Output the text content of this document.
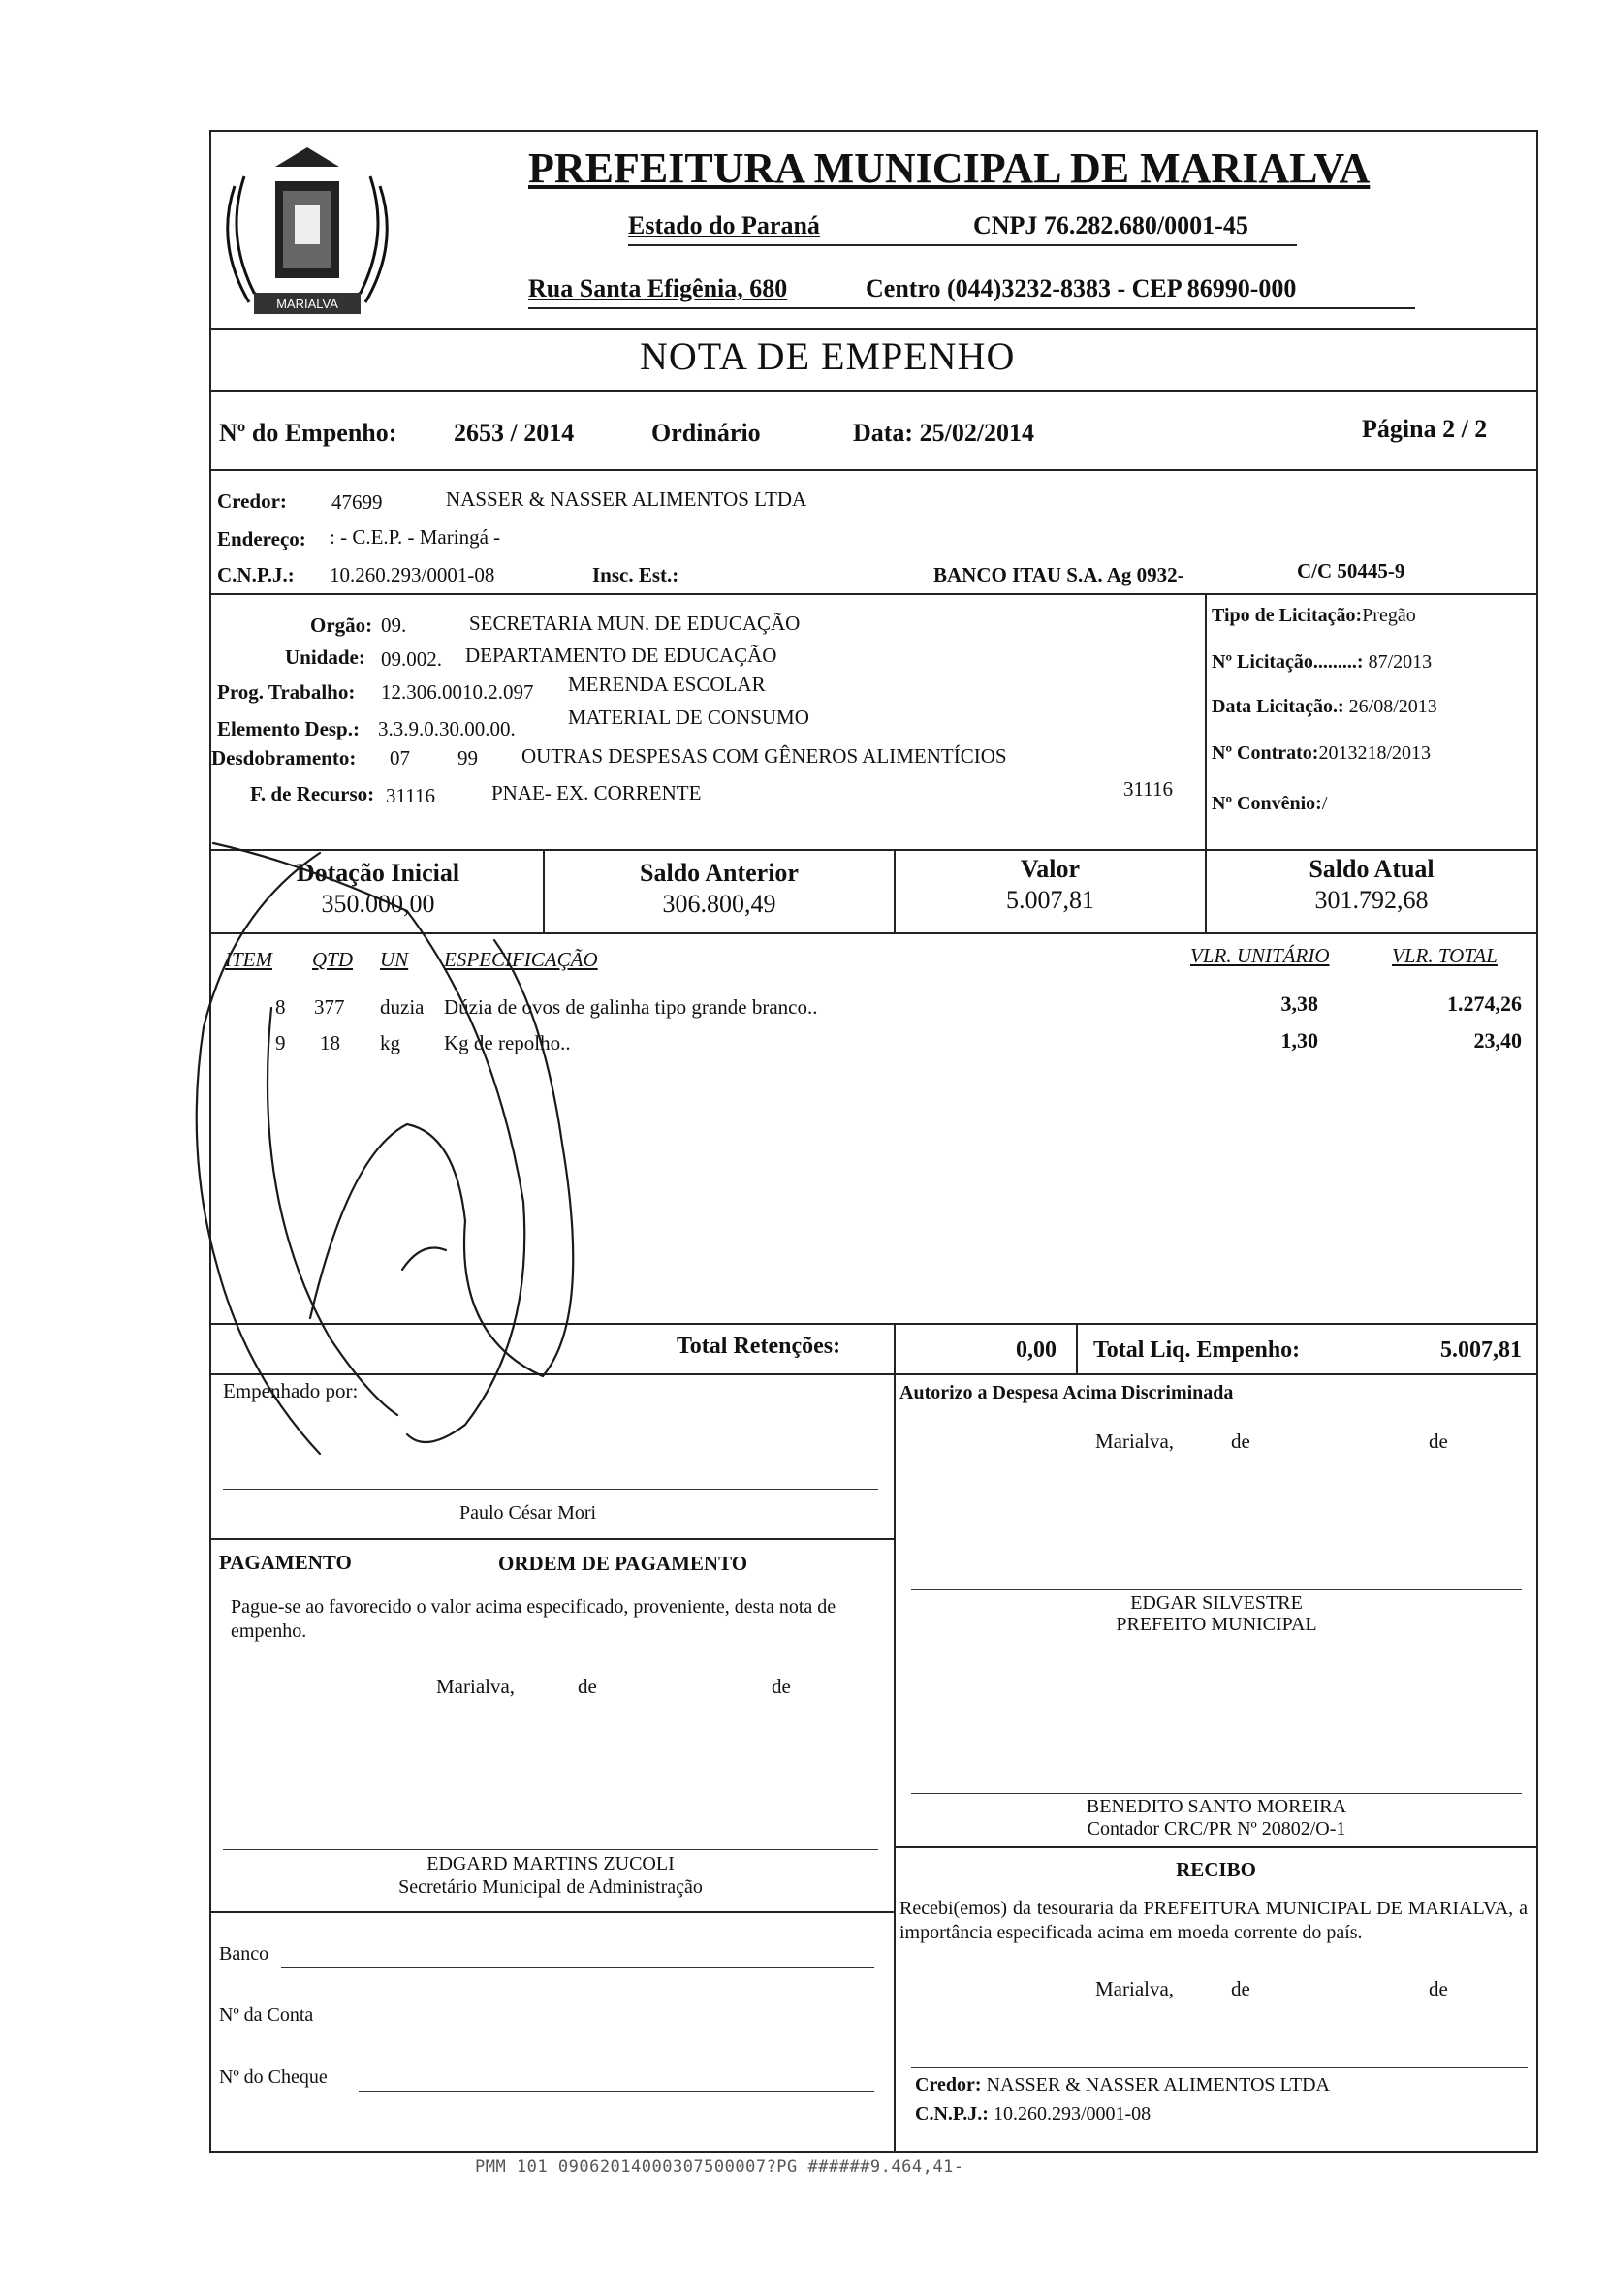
MARIALVA
PREFEITURA MUNICIPAL DE MARIALVA
Estado do Paraná	CNPJ 76.282.680/0001-45
Rua Santa Efigênia, 680	Centro (044)3232-8383 - CEP 86990-000
NOTA DE EMPENHO
Nº do Empenho: 2653 / 2014	Ordinário	Data: 25/02/2014	Página 2 / 2
Credor: 47699	NASSER & NASSER ALIMENTOS LTDA
Endereço: : - C.E.P. - Maringá -
C.N.P.J.: 10.260.293/0001-08	Insc. Est.:	BANCO ITAU S.A. Ag 0932-	C/C 50445-9
Orgão: 09.	SECRETARIA MUN. DE EDUCAÇÃO
Unidade: 09.002. DEPARTAMENTO DE EDUCAÇÃO
Prog. Trabalho: 12.306.0010.2.097 MERENDA ESCOLAR
Elemento Desp.: 3.3.9.0.30.00.00.	MATERIAL DE CONSUMO
Desdobramento: 07 99 OUTRAS DESPESAS COM GÊNEROS ALIMENTÍCIOS
F. de Recurso: 31116	PNAE- EX. CORRENTE	31116
Tipo de Licitação:Pregão
Nº Licitação.........: 87/2013
Data Licitação.: 26/08/2013
Nº Contrato:2013218/2013
Nº Convênio:/
Dotação Inicial
350.000,00
Saldo Anterior
306.800,49
Valor
5.007,81
Saldo Atual
301.792,68
ITEM QTD UN ESPECIFICAÇÃO	VLR. UNITÁRIO	VLR. TOTAL
8 377 duzia Dúzia de ovos de galinha tipo grande branco..	3,38	1.274,26
9 18 kg Kg de repolho..	1,30	23,40
Total Retenções:	0,00 Total Liq. Empenho:	5.007,81
Empenhado por:
Paulo César Mori
Autorizo a Despesa Acima Discriminada
Marialva,	de	de
PAGAMENTO	ORDEM DE PAGAMENTO
Pague-se ao favorecido o valor acima especificado, proveniente, desta nota de empenho.
Marialva,	de	de
EDGARD MARTINS ZUCOLI
Secretário Municipal de Administração
Banco
Nº da Conta
Nº do Cheque
EDGAR SILVESTRE
PREFEITO MUNICIPAL
BENEDITO SANTO MOREIRA
Contador CRC/PR Nº 20802/O-1
RECIBO
Recebi(emos) da tesouraria da PREFEITURA MUNICIPAL DE MARIALVA, a importância especificada acima em moeda corrente do país.
Marialva,	de	de
Credor: NASSER & NASSER ALIMENTOS LTDA
C.N.P.J.: 10.260.293/0001-08
PMM 101 09062014000307500007?PG ######9.464,41-
